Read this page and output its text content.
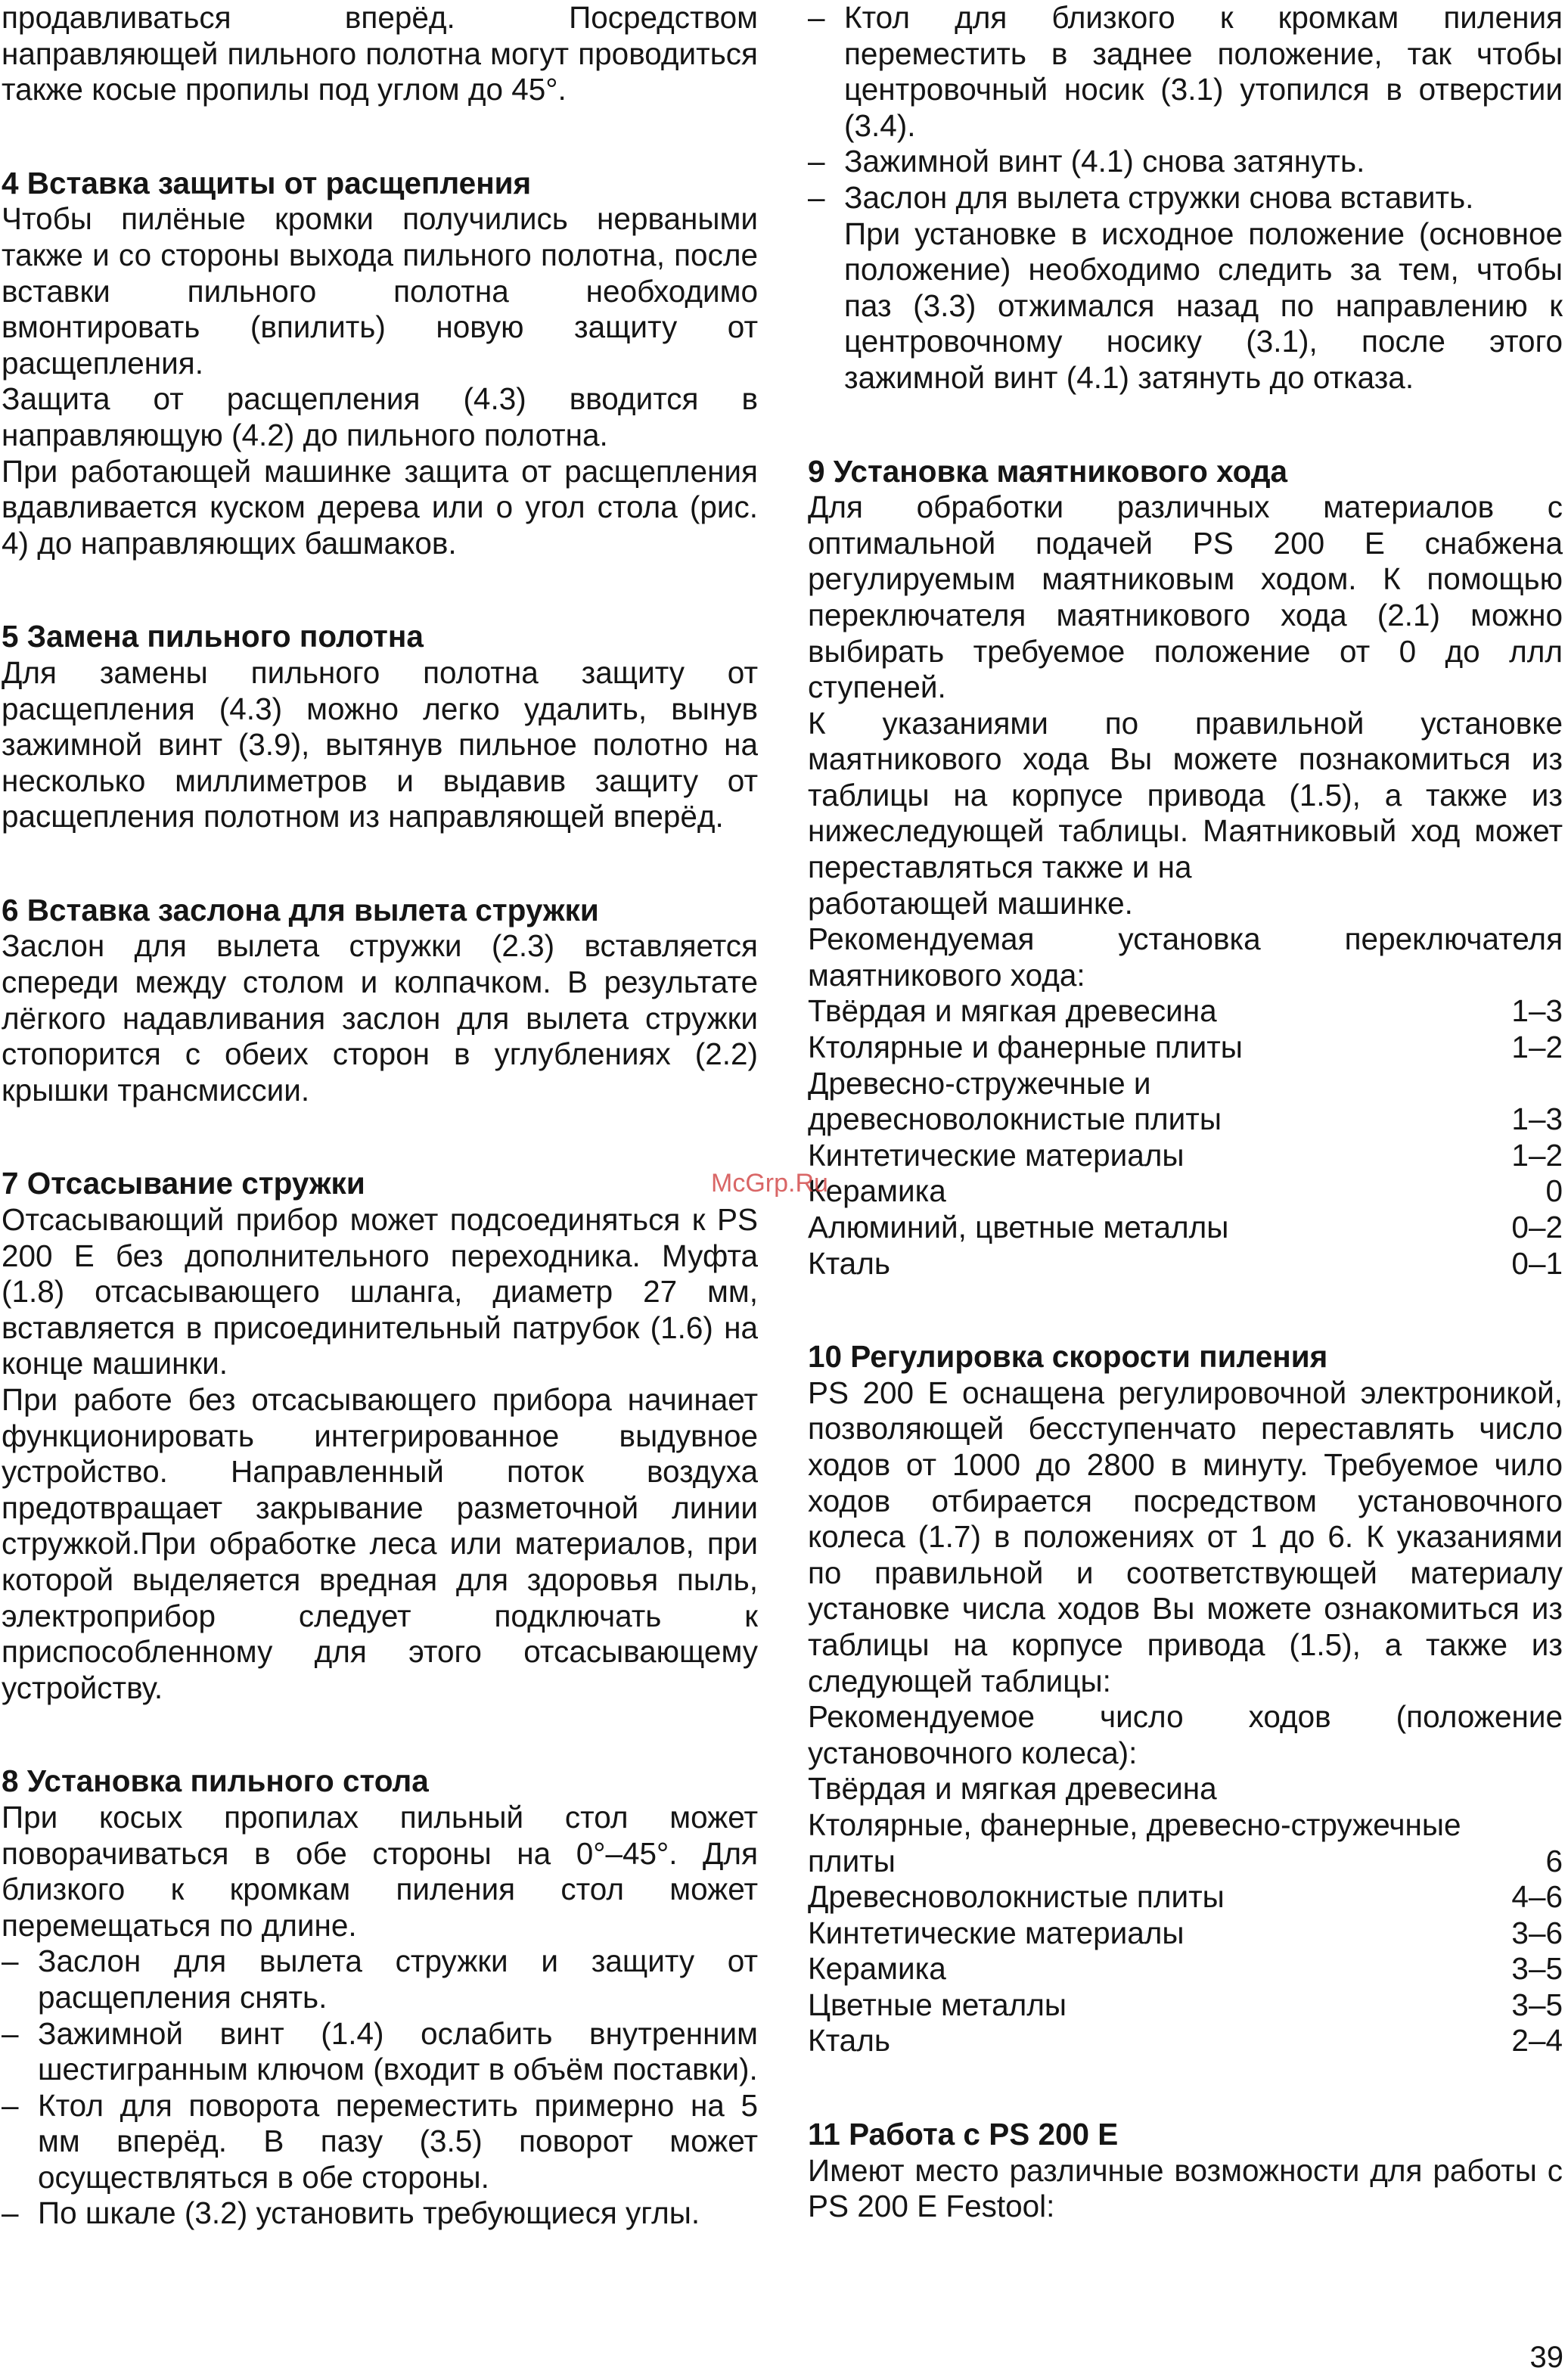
продавливаться вперёд. Посредством направляющей пильного полотна могут проводиться также косые пропилы под углом до 45°.

4 Вставка защиты от расщепления

Чтобы пилёные кромки получились нерваными также и со стороны выхода пильного полотна, после вставки пильного полотна необходимо вмонтировать (впилить) новую защиту от расщепления.

Защита от расщепления (4.3) вводится в направляющую (4.2) до пильного полотна.

При работающей машинке защита от расщепления вдавливается куском дерева или о угол стола (рис. 4) до направляющих башмаков.

5 Замена пильного полотна

Для замены пильного полотна защиту от расщепления (4.3) можно легко удалить, вынув зажимной винт (3.9), вытянув пильное полотно на несколько миллиметров и выдавив защиту от расщепления полотном из направляющей вперёд.

6 Вставка заслона для вылета стружки

Заслон для вылета стружки (2.3) вставляется спереди между столом и колпачком. В результате лёгкого надавливания заслон для вылета стружки стопорится с обеих сторон в углублениях (2.2) крышки трансмиссии.

7 Отсасывание стружки

Отсасывающий прибор может подсоединяться к PS 200 E без дополнительного переходника. Муфта (1.8) отсасывающего шланга, диаметр 27 мм, вставляется в присоединительный патрубок (1.6) на конце машинки.

При работе без отсасывающего прибора начинает функционировать интегрированное выдувное устройство. Направленный поток воздуха предотвращает закрывание разметочной линии стружкой.При обработке леса или материалов, при которой выделяется вредная для здоровья пыль, электроприбор следует подключать к приспособленному для этого отсасывающему устройству.

8 Установка пильного стола

При косых пропилах пильный стол может поворачиваться в обе стороны на 0°–45°. Для близкого к кромкам пиления стол может перемещаться по длине.

– Заслон для вылета стружки и защиту от расщепления снять.
– Зажимной винт (1.4) ослабить внутренним шестигранным ключом (входит в объём поставки).
– Ктол для поворота переместить примерно на 5 мм вперёд. В пазу (3.5) поворот может осуществляться в обе стороны.
– По шкале (3.2) установить требующиеся углы.
– Ктол для близкого к кромкам пиления переместить в заднее положение, так чтобы центровочный носик (3.1) утопился в отверстии (3.4).
– Зажимной винт (4.1) снова затянуть.
– Заслон для вылета стружки снова вставить.
При установке в исходное положение (основное положение) необходимо следить за тем, чтобы паз (3.3) отжимался назад по направлению к центровочному носику (3.1), после этого зажимной винт (4.1) затянуть до отказа.
9 Установка маятникового хода

Для обработки различных материалов с оптимальной подачей PS 200 E снабжена регулируемым маятниковым ходом. К помощью переключателя маятникового хода (2.1) можно выбирать требуемое положение от 0 до ллл ступеней.

К указаниями по правильной установке маятникового хода Вы можете познакомиться из таблицы на корпусе привода (1.5), а также из нижеследующей таблицы. Маятниковый ход может переставляться также и на

работающей машинке.

Рекомендуемая установка переключателя маятникового хода:

Твёрдая и мягкая древесина	1–3
Ктолярные и фанерные плиты	1–2
Древесно-стружечные и
древесноволокнистые плиты	1–3
Кинтетические материалы	1–2
Керамика	0
Алюминий, цветные металлы	0–2
Кталь	0–1
10 Регулировка скорости пиления

PS 200 E оснащена регулировочной электроникой, позволяющей бесступенчато переставлять число ходов от 1000 до 2800 в минуту. Требуемое чило ходов отбирается посредством установочного колеса (1.7) в положениях от 1 до 6. К указаниями по правильной и соответствующей материалу установке числа ходов Вы можете ознакомиться из таблицы на корпусе привода (1.5), а также из следующей таблицы:

Рекомендуемое число ходов (положение установочного колеса):

Твёрдая и мягкая древесина
Ктолярные, фанерные, древесно-стружечные
плиты	6
Древесноволокнистые плиты	4–6
Кинтетические материалы	3–6
Керамика	3–5
Цветные металлы	3–5
Кталь	2–4
11 Работа с PS 200 E

Имеют место различные возможности для работы с PS 200 E Festool:

McGrp.Ru
39
